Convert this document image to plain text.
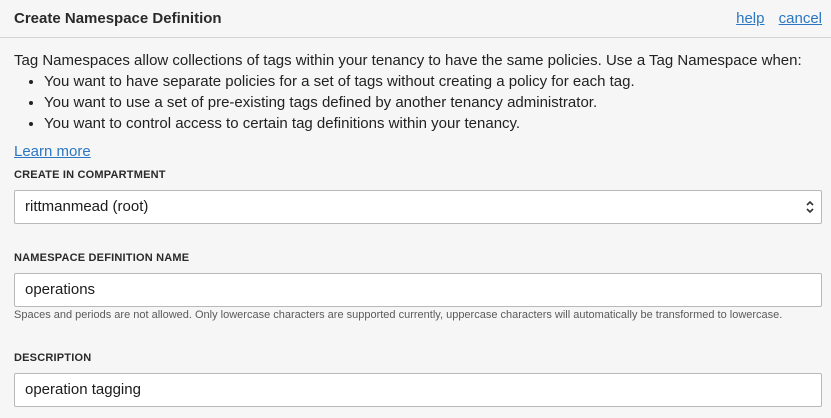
Create Namespace Definition	help cancel
Tag Namespaces allow collections of tags within your tenancy to have the same policies. Use a Tag Namespace when:
• You want to have separate policies for a set of tags without creating a policy for each tag.
• You want to use a set of pre-existing tags defined by another tenancy administrator.
• You want to control access to certain tag definitions within your tenancy.
Learn more
CREATE IN COMPARTMENT
rittmanmead (root)
NAMESPACE DEFINITION NAME
operations
Spaces and periods are not allowed. Only lowercase characters are supported currently, uppercase characters will automatically be transformed to lowercase.
DESCRIPTION
operation tagging
